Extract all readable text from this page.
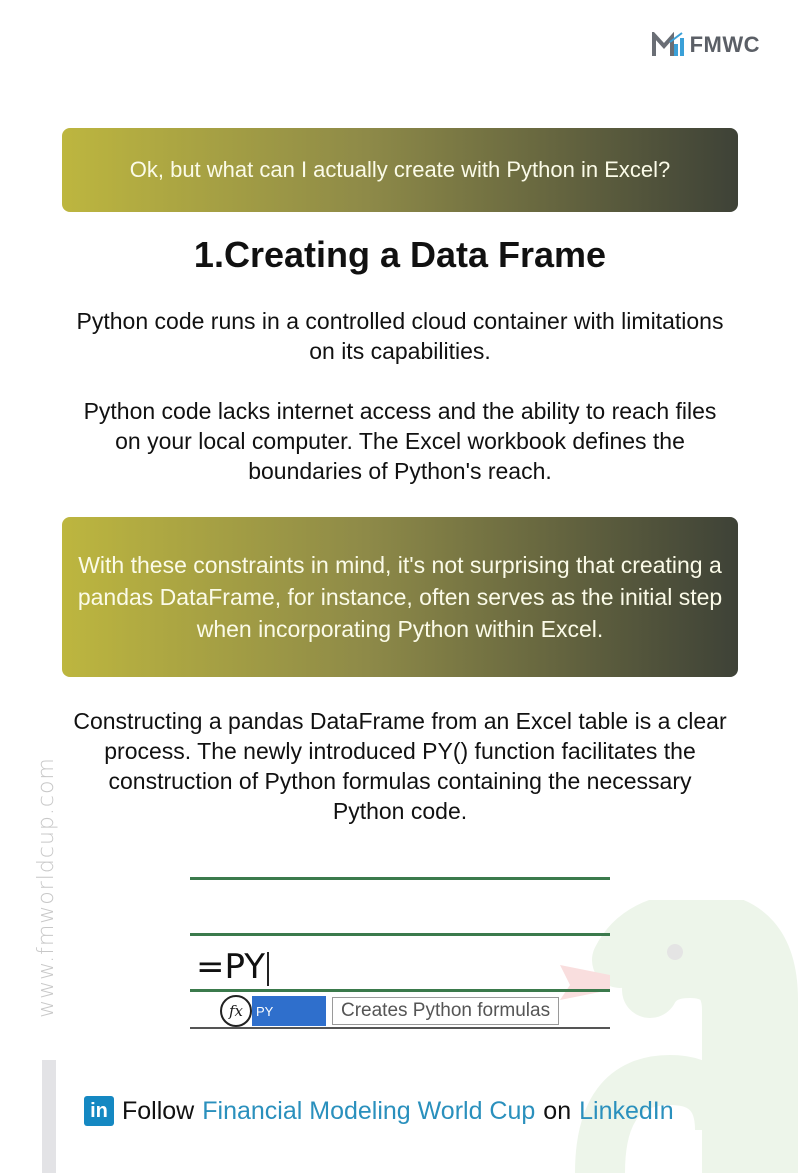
FMWC
Ok, but what can I actually create with Python in Excel?
1.Creating a Data Frame
Python code runs in a controlled cloud container with limitations on its capabilities.
Python code lacks internet access and the ability to reach files on your local computer. The Excel workbook defines the boundaries of Python's reach.
With these constraints in mind, it's not surprising that creating a pandas DataFrame, for instance, often serves as the initial step when incorporating Python within Excel.
Constructing a pandas DataFrame from an Excel table is a clear process. The newly introduced PY() function facilitates the construction of Python formulas containing the necessary Python code.
=PY
fx	PY	Creates Python formulas
www.fmworldcup.com
in Follow Financial Modeling World Cup on LinkedIn
